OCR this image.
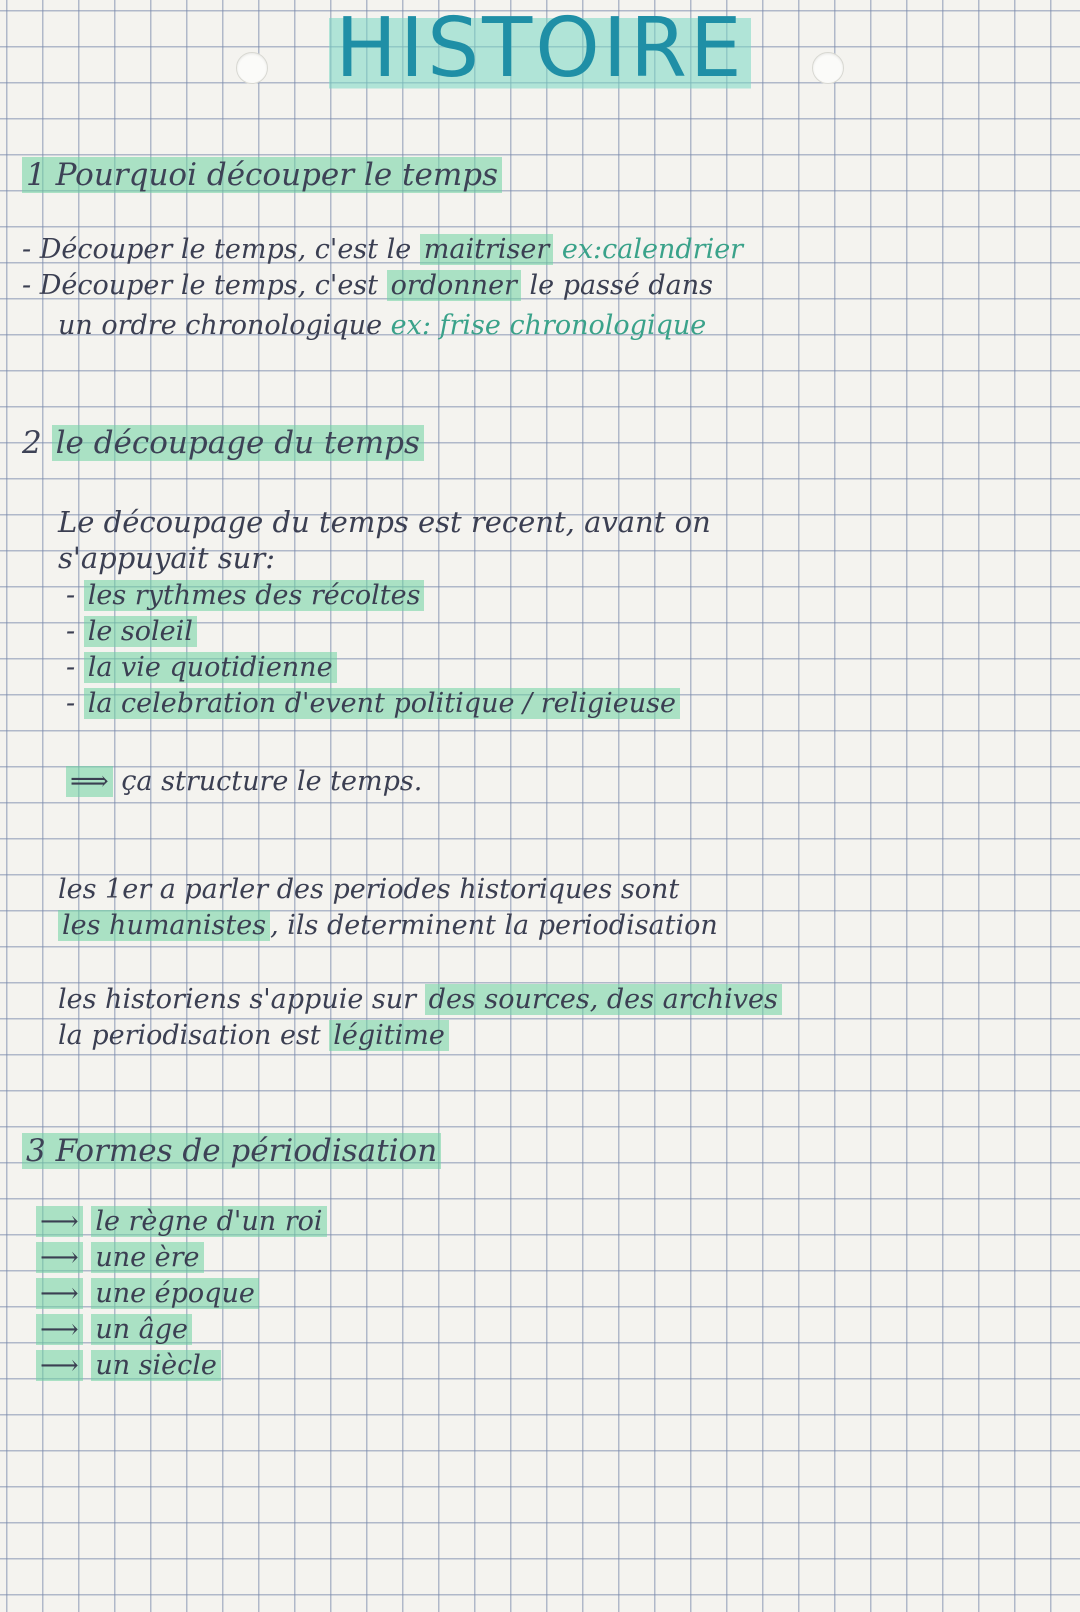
HISTOIRE
1 Pourquoi découper le temps
- Découper le temps, c'est le maitriser ex:calendrier
- Découper le temps, c'est ordonner le passé dans
un ordre chronologique ex: frise chronologique
2 le découpage du temps
Le découpage du temps est recent, avant on
s'appuyait sur:
- les rythmes des récoltes
- le soleil
- la vie quotidienne
- la celebration d'event politique / religieuse
⟹ ça structure le temps.
les 1er a parler des periodes historiques sont
les humanistes , ils determinent la periodisation
les historiens s'appuie sur des sources, des archives
la periodisation est légitime
3 Formes de périodisation
⟶ le règne d'un roi
⟶ une ère
⟶ une époque
⟶ un âge
⟶ un siècle
